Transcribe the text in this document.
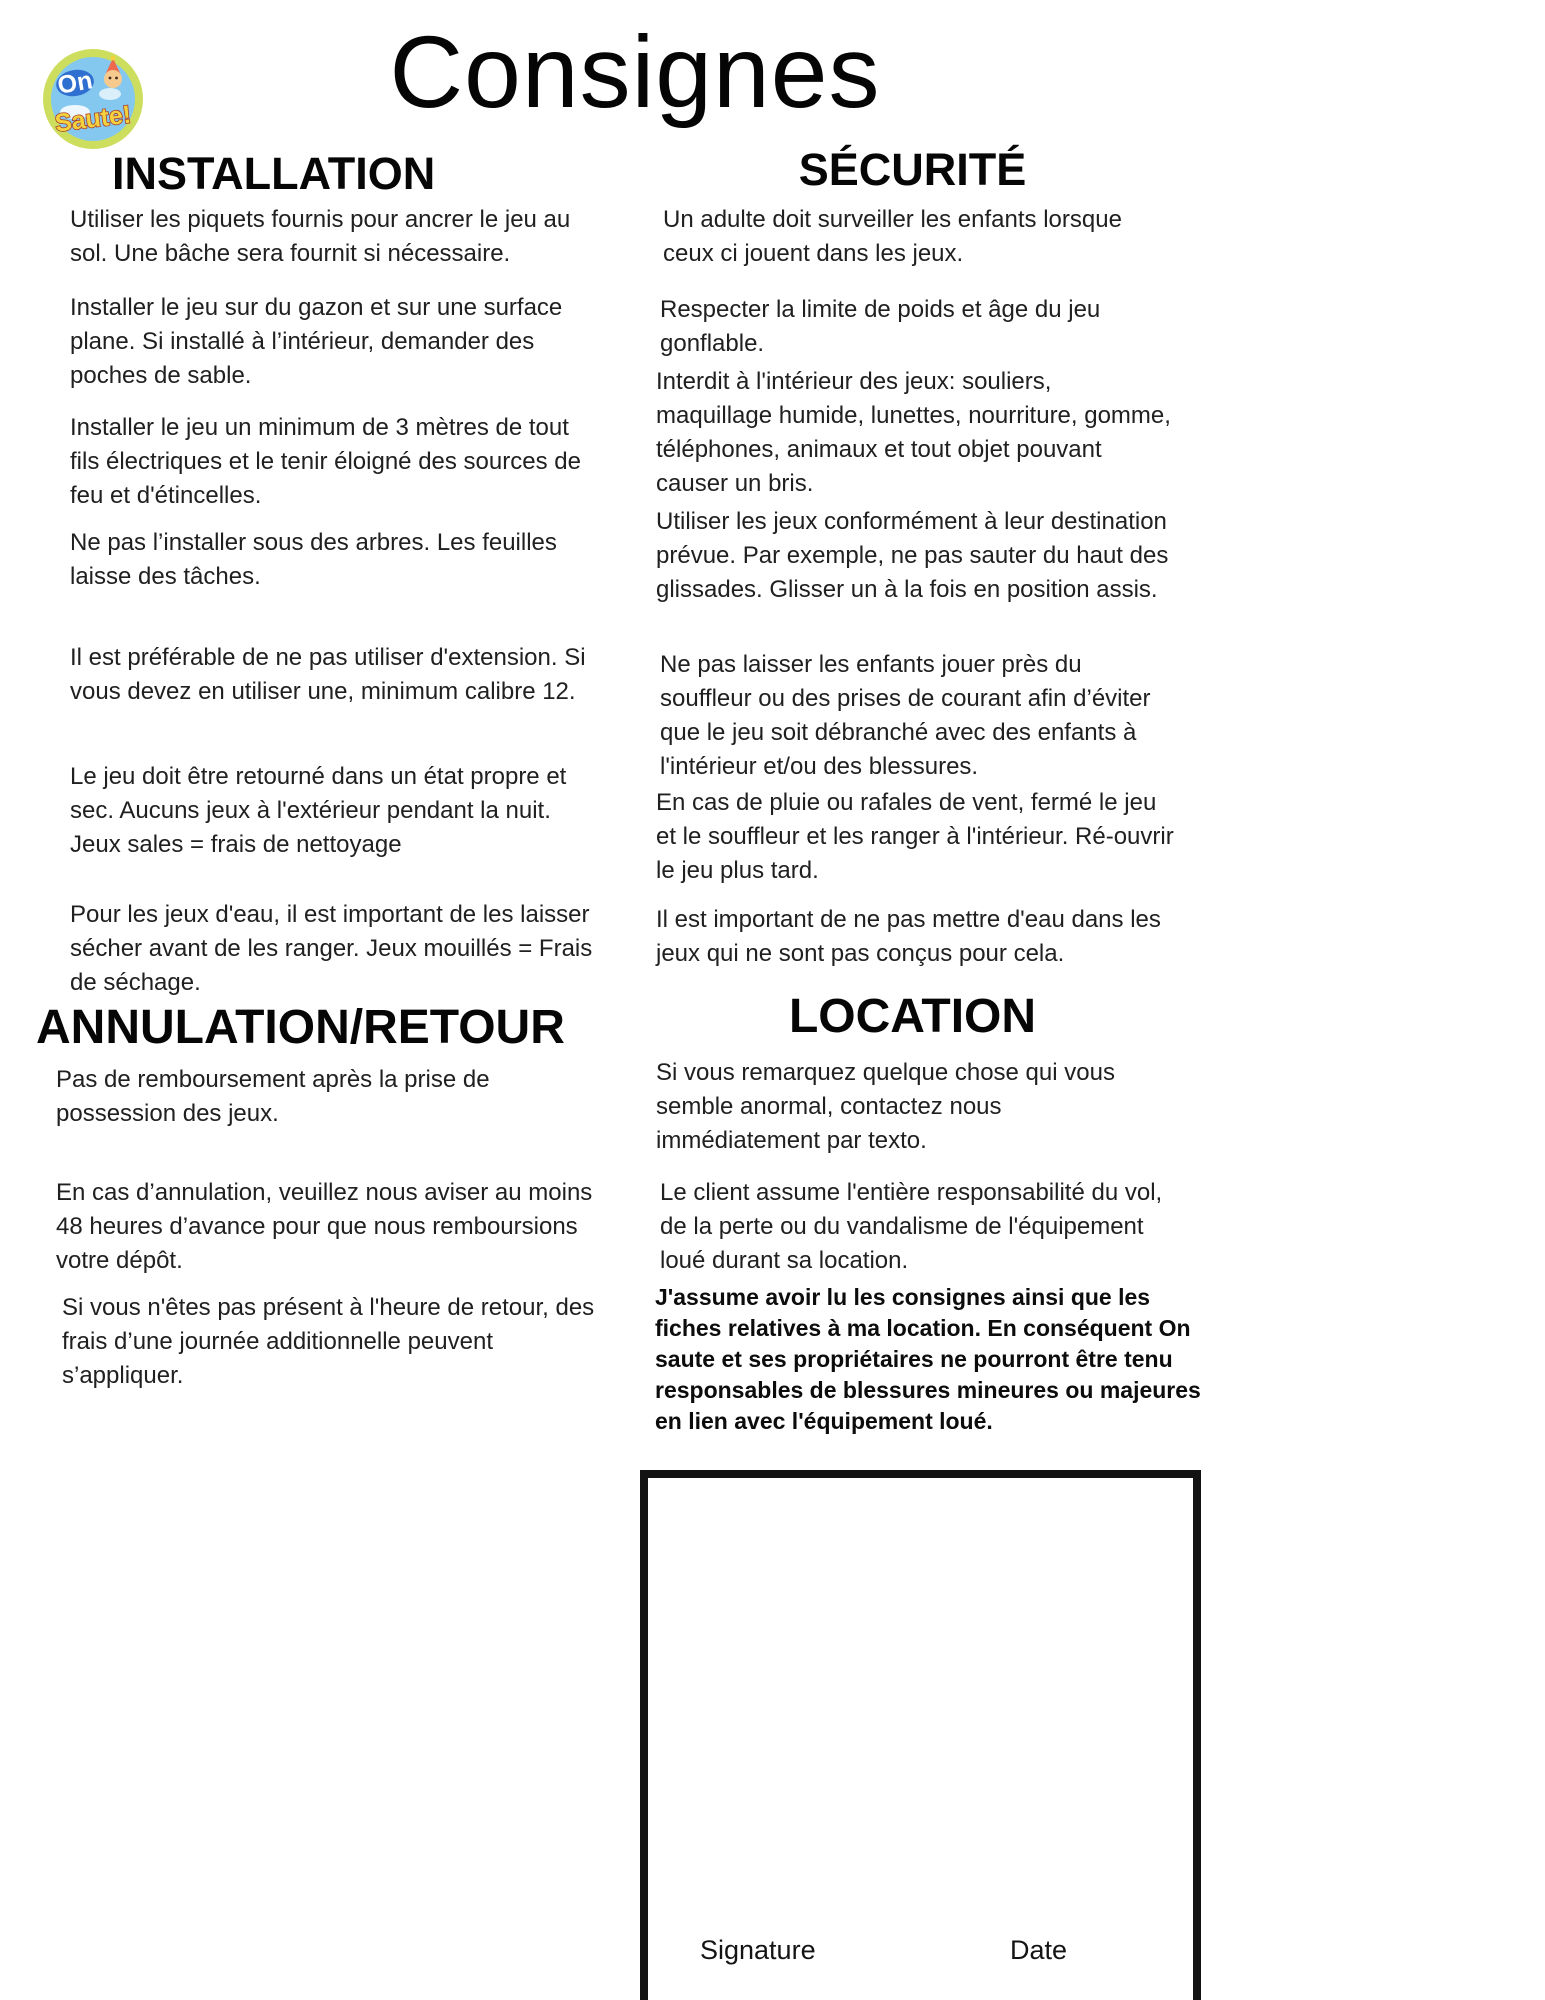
On
Saute!	Consignes
INSTALLATION

Utiliser les piquets fournis pour ancrer le jeu au sol. Une bâche sera fournit si nécessaire.

Installer le jeu sur du gazon et sur une surface plane. Si installé à l’intérieur, demander des poches de sable.

Installer le jeu un minimum de 3 mètres de tout fils électriques et le tenir éloigné des sources de feu et d'étincelles.

Ne pas l’installer sous des arbres. Les feuilles laisse des tâches.

Il est préférable de ne pas utiliser d'extension. Si vous devez en utiliser une, minimum calibre 12.

Le jeu doit être retourné dans un état propre et sec. Aucuns jeux à l'extérieur pendant la nuit. Jeux sales = frais de nettoyage

Pour les jeux d'eau, il est important de les laisser sécher avant de les ranger. Jeux mouillés = Frais de séchage.

ANNULATION/RETOUR

Pas de remboursement après la prise de possession des jeux.

En cas d’annulation, veuillez nous aviser au moins 48 heures d’avance pour que nous remboursions votre dépôt.

Si vous n'êtes pas présent à l'heure de retour, des frais d’une journée additionnelle peuvent s’appliquer.

SÉCURITÉ

Un adulte doit surveiller les enfants lorsque ceux ci jouent dans les jeux.

Respecter la limite de poids et âge du jeu gonflable.

Interdit à l'intérieur des jeux: souliers, maquillage humide, lunettes, nourriture, gomme, téléphones, animaux et tout objet pouvant causer un bris.

Utiliser les jeux conformément à leur destination prévue. Par exemple, ne pas sauter du haut des glissades. Glisser un à la fois en position assis.

Ne pas laisser les enfants jouer près du souffleur ou des prises de courant afin d’éviter que le jeu soit débranché avec des enfants à l'intérieur et/ou des blessures.

En cas de pluie ou rafales de vent, fermé le jeu et le souffleur et les ranger à l'intérieur. Ré-ouvrir le jeu plus tard.

Il est important de ne pas mettre d'eau dans les jeux qui ne sont pas conçus pour cela.

LOCATION

Si vous remarquez quelque chose qui vous semble anormal, contactez nous immédiatement par texto.

Le client assume l'entière responsabilité du vol, de la perte ou du vandalisme de l'équipement loué durant sa location.

J'assume avoir lu les consignes ainsi que les fiches relatives à ma location. En conséquent On saute et ses propriétaires ne pourront être tenu responsables de blessures mineures ou majeures en lien avec l'équipement loué.

Signature	Date
